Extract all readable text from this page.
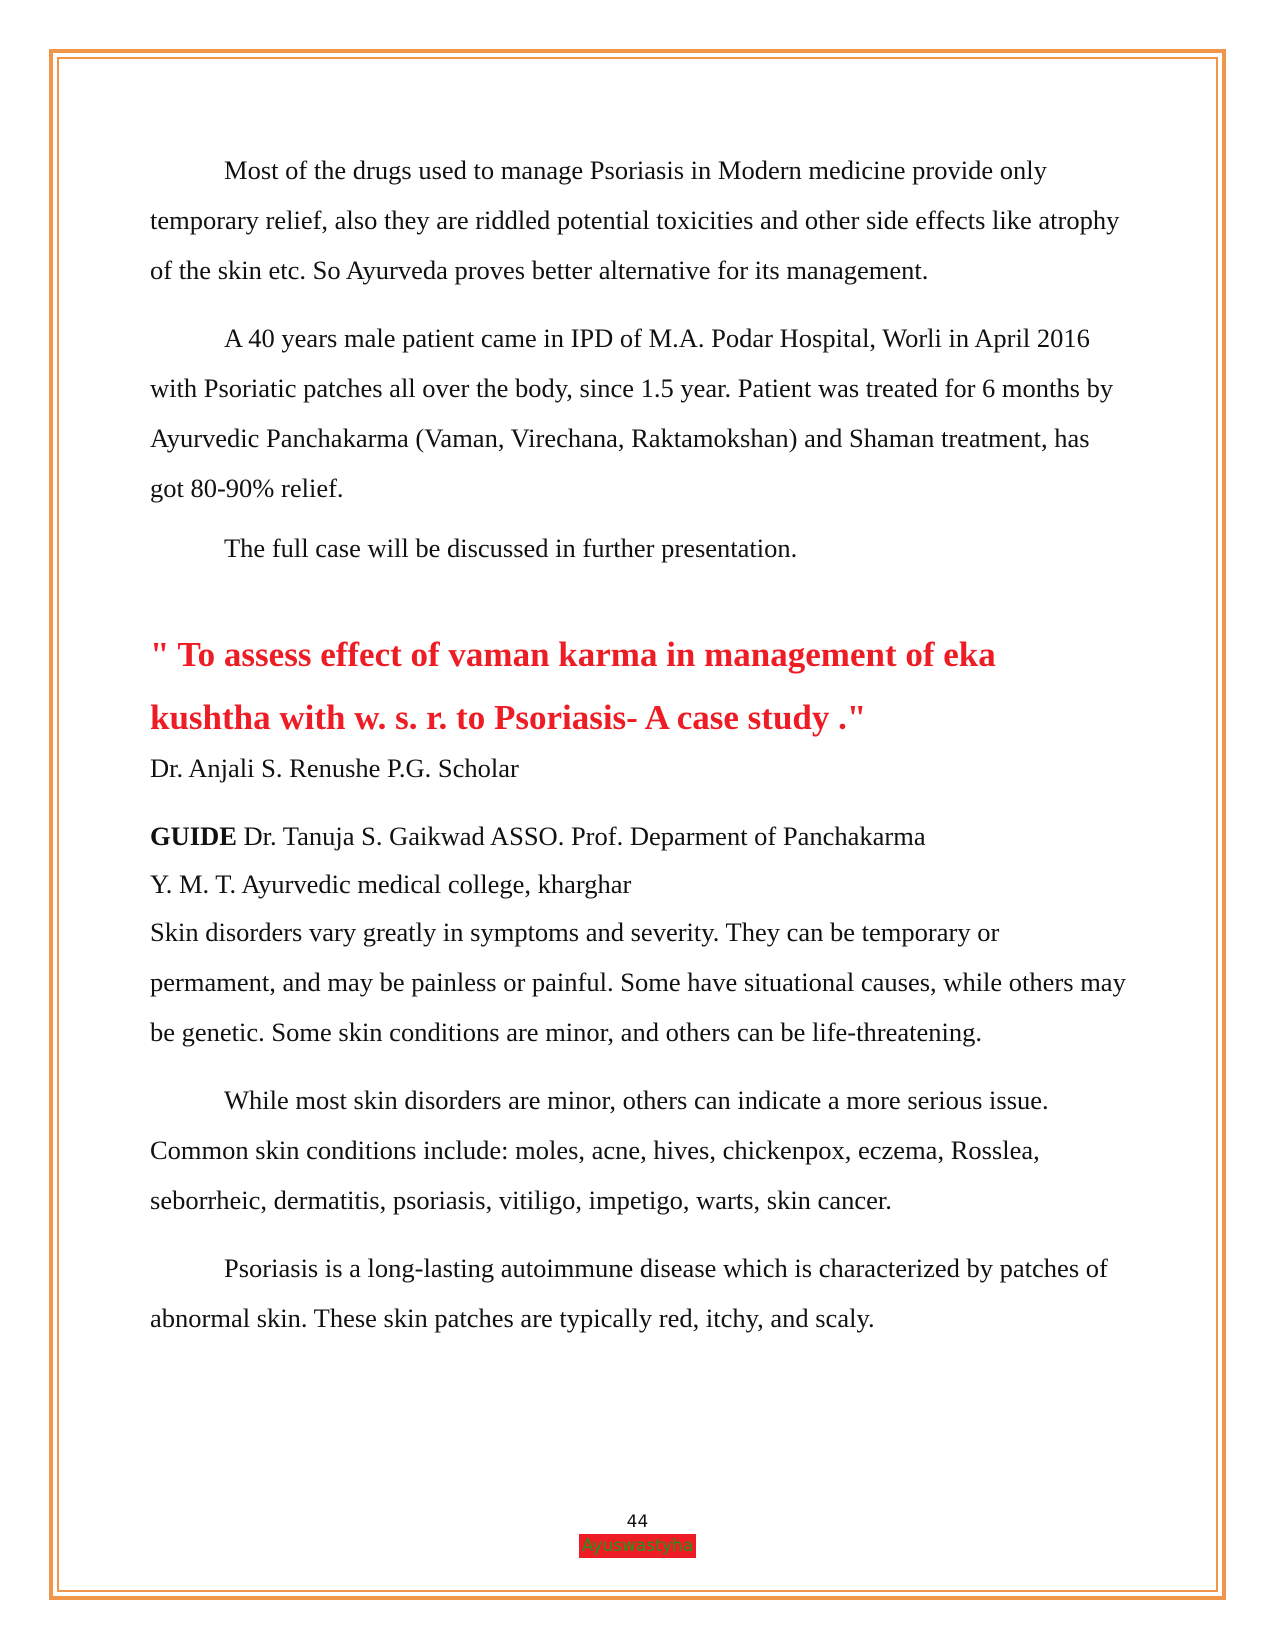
Most of the drugs used to manage Psoriasis in Modern medicine provide only temporary relief, also they are riddled potential toxicities and other side effects like atrophy of the skin etc. So Ayurveda proves better alternative for its management.

A 40 years male patient came in IPD of M.A. Podar Hospital, Worli in April 2016 with Psoriatic patches all over the body, since 1.5 year. Patient was treated for 6 months by Ayurvedic Panchakarma (Vaman, Virechana, Raktamokshan) and Shaman treatment, has got 80-90% relief.

The full case will be discussed in further presentation.

" To assess effect of vaman karma in management of eka
kushtha with w. s. r. to Psoriasis- A case study ."

Dr. Anjali S. Renushe P.G. Scholar

GUIDE Dr. Tanuja S. Gaikwad ASSO. Prof. Deparment of Panchakarma

Y. M. T. Ayurvedic medical college, kharghar

Skin disorders vary greatly in symptoms and severity. They can be temporary or permament, and may be painless or painful. Some have situational causes, while others may be genetic. Some skin conditions are minor, and others can be life-threatening.

While most skin disorders are minor, others can indicate a more serious issue. Common skin conditions include: moles, acne, hives, chickenpox, eczema, Rosslea, seborrheic, dermatitis, psoriasis, vitiligo, impetigo, warts, skin cancer.

Psoriasis is a long-lasting autoimmune disease which is characterized by patches of abnormal skin. These skin patches are typically red, itchy, and scaly.

44
Ayuswastyha
